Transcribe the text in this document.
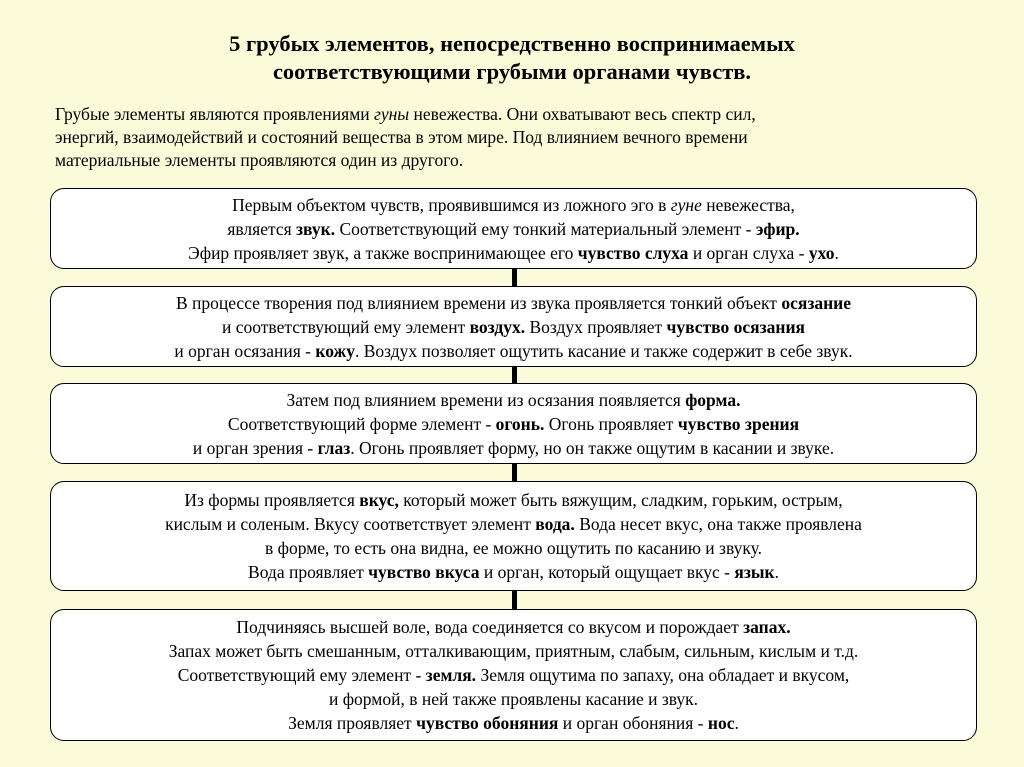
5 грубых элементов, непосредственно воспринимаемых
соответствующими грубыми органами чувств.
Грубые элементы являются проявлениями гуны невежества. Они охватывают весь спектр сил,
энергий, взаимодействий и состояний вещества в этом мире. Под влиянием вечного времени
материальные элементы проявляются один из другого.
Первым объектом чувств, проявившимся из ложного эго в гуне невежества,
является звук. Соответствующий ему тонкий материальный элемент - эфир.
Эфир проявляет звук, а также воспринимающее его чувство слуха и орган слуха - ухо.
В процессе творения под влиянием времени из звука проявляется тонкий объект осязание
и соответствующий ему элемент воздух. Воздух проявляет чувство осязания
и орган осязания - кожу. Воздух позволяет ощутить касание и также содержит в себе звук.
Затем под влиянием времени из осязания появляется форма.
Соответствующий форме элемент - огонь. Огонь проявляет чувство зрения
и орган зрения - глаз. Огонь проявляет форму, но он также ощутим в касании и звуке.
Из формы проявляется вкус, который может быть вяжущим, сладким, горьким, острым,
кислым и соленым. Вкусу соответствует элемент вода. Вода несет вкус, она также проявлена
в форме, то есть она видна, ее можно ощутить по касанию и звуку.
Вода проявляет чувство вкуса и орган, который ощущает вкус - язык.
Подчиняясь высшей воле, вода соединяется со вкусом и порождает запах.
Запах может быть смешанным, отталкивающим, приятным, слабым, сильным, кислым и т.д.
Соответствующий ему элемент - земля. Земля ощутима по запаху, она обладает и вкусом,
и формой, в ней также проявлены касание и звук.
Земля проявляет чувство обоняния и орган обоняния - нос.
